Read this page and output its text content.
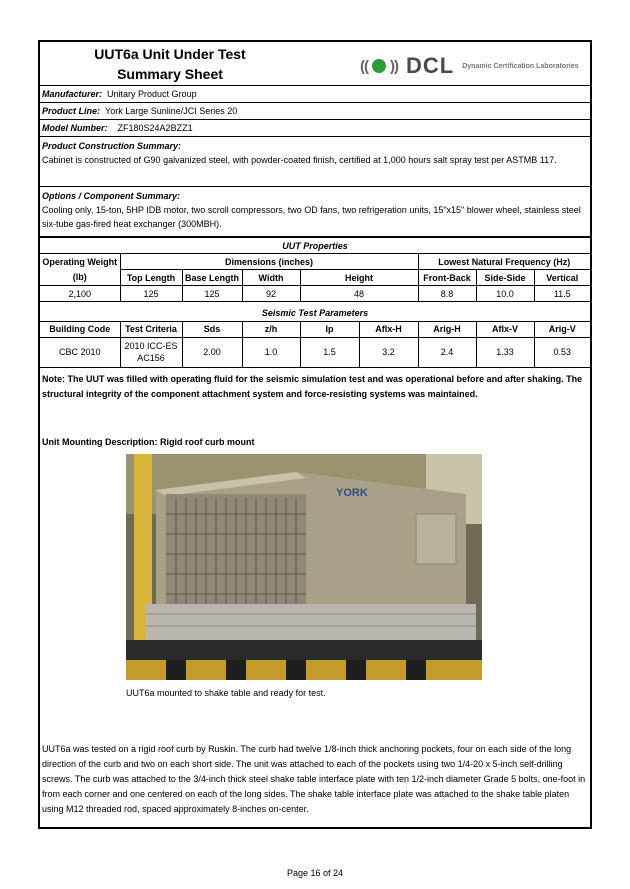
UUT6a Unit Under Test
Summary Sheet	(( )) DCL Dynamic Certification Laboratories
Manufacturer: Unitary Product Group
Product Line: York Large Sunline/JCI Series 20
Model Number: ZF180S24A2BZZ1
Product Construction Summary:
Cabinet is constructed of G90 galvanized steel, with powder-coated finish, certified at 1,000 hours salt spray test per ASTMB 117.
Options / Component Summary:
Cooling only, 15-ton, 5HP IDB motor, two scroll compressors, two OD fans, two refrigeration units, 15"x15" blower wheel, stainless steel six-tube gas-fired heat exchanger (300MBH).
UUT Properties							
Operating Weight	Dimensions (inches)				Lowest Natural Frequency (Hz)		
(lb)	Top Length	Base Length	Width	Height	Front-Back	Side-Side	Vertical
2,100	125	125	92	48	8.8	10.0	11.5
Seismic Test Parameters								
Building Code	Test Criteria	Sds	z/h	Ip	Aflx-H	Arig-H	Aflx-V	Arig-V
CBC 2010	2010 ICC-ES AC156	2.00	1.0	1.5	3.2	2.4	1.33	0.53
Note: The UUT was filled with operating fluid for the seismic simulation test and was operational before and after shaking. The structural integrity of the component attachment system and force-resisting systems was maintained.
Unit Mounting Description: Rigid roof curb mount
YORK
UUT6a mounted to shake table and ready for test.
UUT6a was tested on a rigid roof curb by Ruskin. The curb had twelve 1/8-inch thick anchoring pockets, four on each side of the long direction of the curb and two on each short side. The unit was attached to each of the pockets using two 1/4-20 x 5-inch self-drilling screws. The curb was attached to the 3/4-inch thick steel shake table interface plate with ten 1/2-inch diameter Grade 5 bolts, one-foot in from each corner and one centered on each of the long sides. The shake table interface plate was attached to the shake table platen using M12 threaded rod, spaced approximately 8-inches on-center.
Page 16 of 24
